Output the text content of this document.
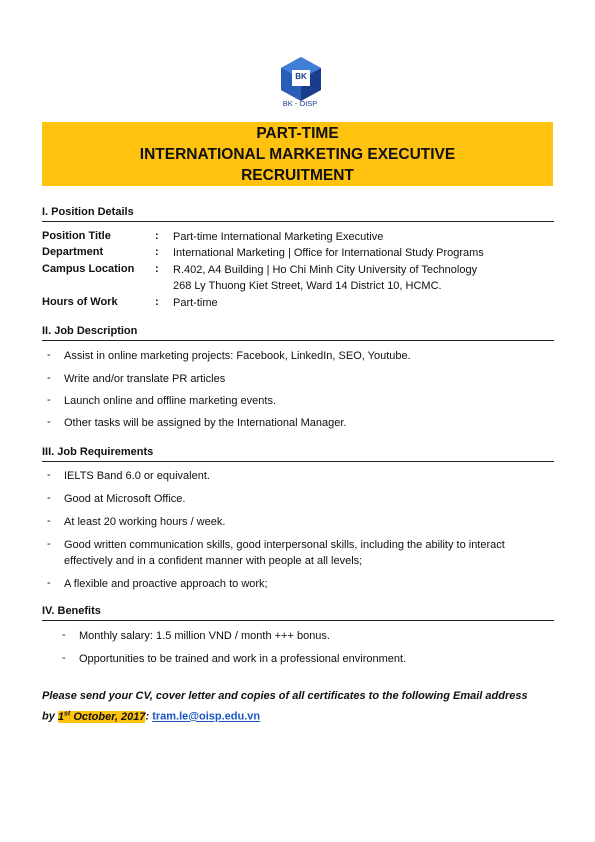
BK
BK - OISP
PART-TIME
INTERNATIONAL MARKETING EXECUTIVE
RECRUITMENT
I. Position Details
Position Title	: Part-time International Marketing Executive
Department	: International Marketing | Office for International Study Programs
Campus Location : R.402, A4 Building | Ho Chi Minh City University of Technology
268 Ly Thuong Kiet Street, Ward 14 District 10, HCMC.
Hours of Work	: Part-time
II. Job Description
- Assist in online marketing projects: Facebook, LinkedIn, SEO, Youtube.
- Write and/or translate PR articles
- Launch online and offline marketing events.
- Other tasks will be assigned by the International Manager.
III. Job Requirements
- IELTS Band 6.0 or equivalent.
- Good at Microsoft Office.
- At least 20 working hours / week.
- Good written communication skills, good interpersonal skills, including the ability to interact
effectively and in a confident manner with people at all levels;
- A flexible and proactive approach to work;
IV. Benefits
- Monthly salary: 1.5 million VND / month +++ bonus.
- Opportunities to be trained and work in a professional environment.
Please send your CV, cover letter and copies of all certificates to the following Email address
by 1st October, 2017: tram.le@oisp.edu.vn
